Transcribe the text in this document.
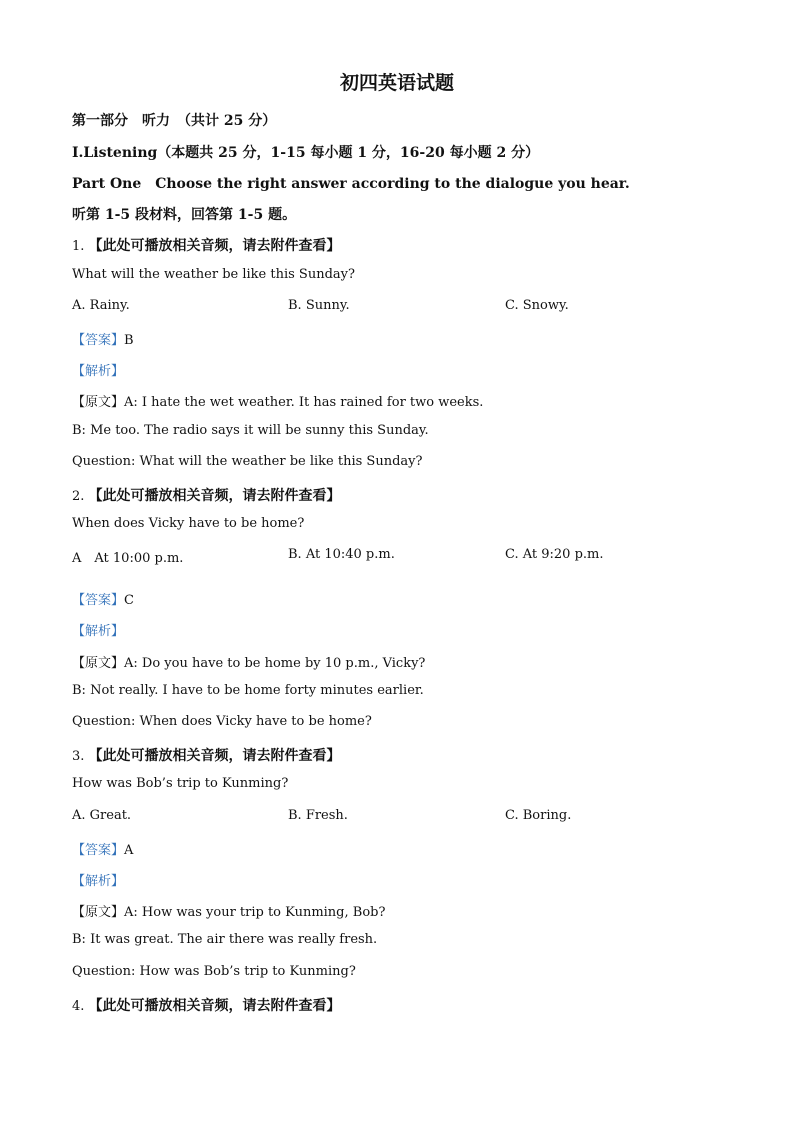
初四英语试题
第一部分　听力　（共计 25 分）
I.Listening（本题共 25 分，1-15 每小题 1 分，16-20 每小题 2 分）
Part One　Choose the right answer according to the dialogue you hear.
听第 1-5 段材料，回答第 1-5 题。
1. 【此处可播放相关音频，请去附件查看】
What will the weather be like this Sunday?
A. Rainy.	B. Sunny.	C. Snowy.
【答案】B
【解析】
【原文】A: I hate the wet weather. It has rained for two weeks.
B: Me too. The radio says it will be sunny this Sunday.
Question: What will the weather be like this Sunday?
2. 【此处可播放相关音频，请去附件查看】
When does Vicky have to be home?
A　At 10:00 p.m.	B. At 10:40 p.m.	C. At 9:20 p.m.
【答案】C
【解析】
【原文】A: Do you have to be home by 10 p.m., Vicky?
B: Not really. I have to be home forty minutes earlier.
Question: When does Vicky have to be home?
3. 【此处可播放相关音频，请去附件查看】
How was Bob’s trip to Kunming?
A. Great.	B. Fresh.	C. Boring.
【答案】A
【解析】
【原文】A: How was your trip to Kunming, Bob?
B: It was great. The air there was really fresh.
Question: How was Bob’s trip to Kunming?
4. 【此处可播放相关音频，请去附件查看】
